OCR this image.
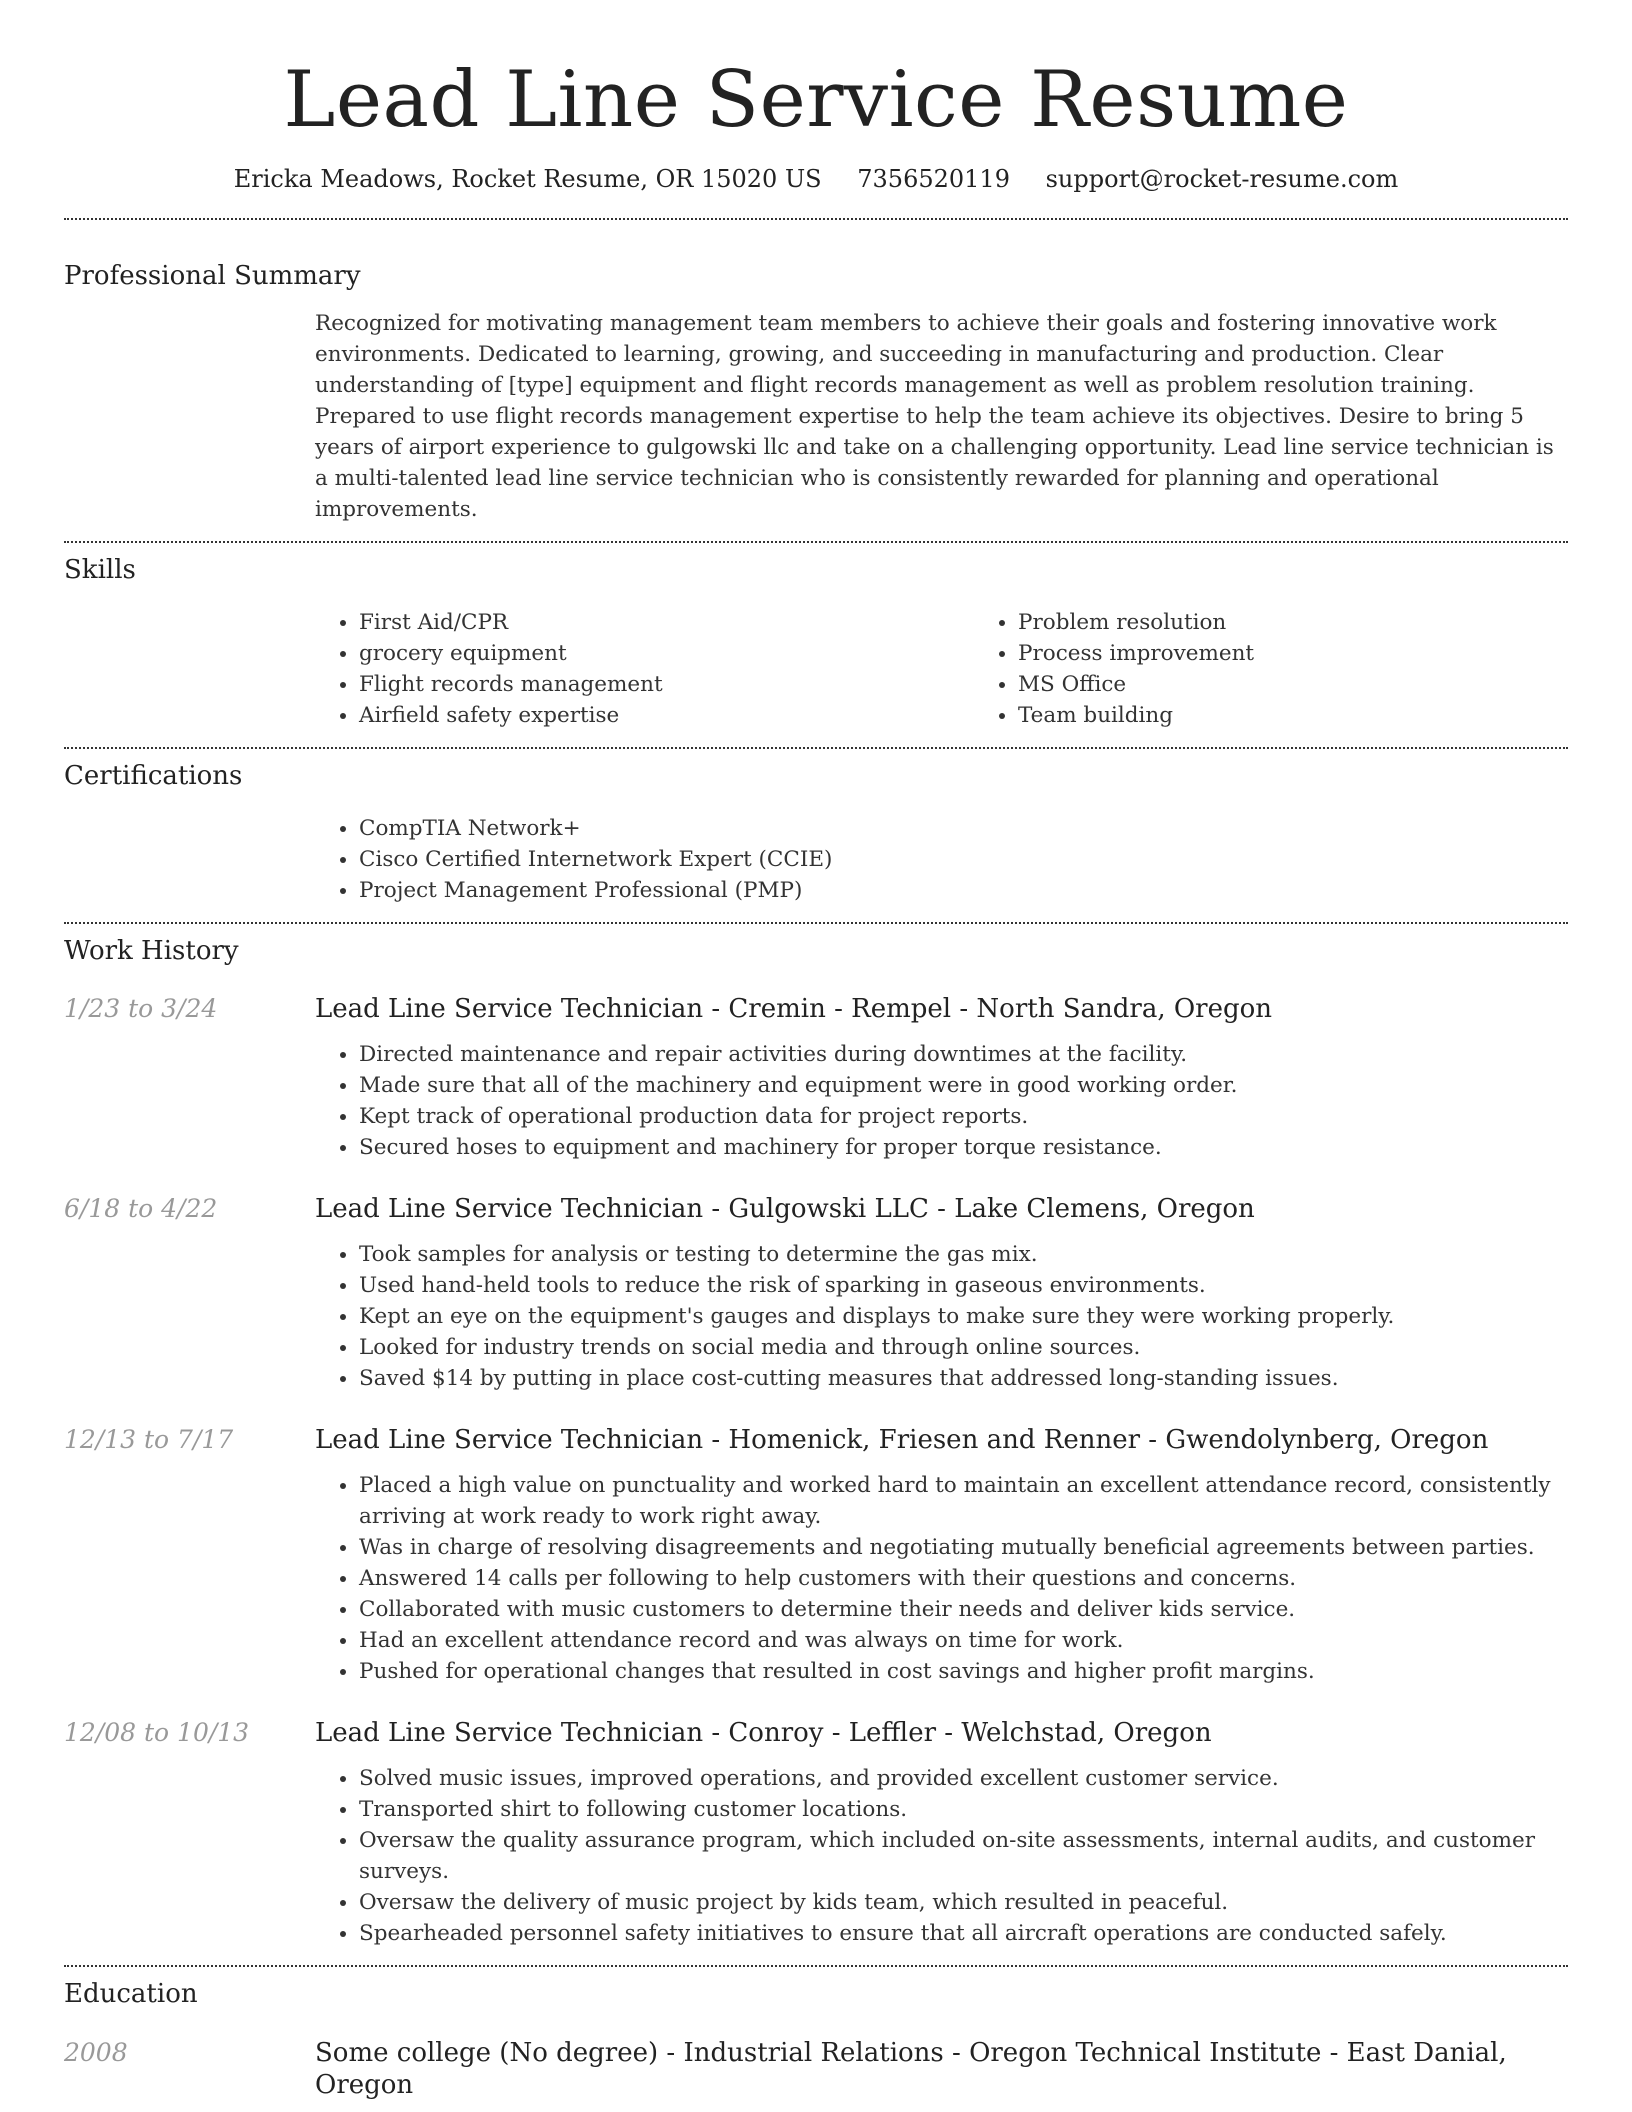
Lead Line Service Resume
Ericka Meadows, Rocket Resume, OR 15020 US 7356520119 support@rocket-resume.com
Professional Summary
Recognized for motivating management team members to achieve their goals and fostering innovative work environments. Dedicated to learning, growing, and succeeding in manufacturing and production. Clear understanding of [type] equipment and flight records management as well as problem resolution training. Prepared to use flight records management expertise to help the team achieve its objectives. Desire to bring 5 years of airport experience to gulgowski llc and take on a challenging opportunity. Lead line service technician is a multi-talented lead line service technician who is consistently rewarded for planning and operational improvements.
Skills
• First Aid/CPR
• grocery equipment
• Flight records management
• Airfield safety expertise
• Problem resolution
• Process improvement
• MS Office
• Team building
Certifications
• CompTIA Network+
• Cisco Certified Internetwork Expert (CCIE)
• Project Management Professional (PMP)
Work History
1/23 to 3/24	Lead Line Service Technician - Cremin - Rempel - North Sandra, Oregon
• Directed maintenance and repair activities during downtimes at the facility.
• Made sure that all of the machinery and equipment were in good working order.
• Kept track of operational production data for project reports.
• Secured hoses to equipment and machinery for proper torque resistance.
6/18 to 4/22	Lead Line Service Technician - Gulgowski LLC - Lake Clemens, Oregon
• Took samples for analysis or testing to determine the gas mix.
• Used hand-held tools to reduce the risk of sparking in gaseous environments.
• Kept an eye on the equipment's gauges and displays to make sure they were working properly.
• Looked for industry trends on social media and through online sources.
• Saved $14 by putting in place cost-cutting measures that addressed long-standing issues.
12/13 to 7/17	Lead Line Service Technician - Homenick, Friesen and Renner - Gwendolynberg, Oregon
• Placed a high value on punctuality and worked hard to maintain an excellent attendance record, consistently arriving at work ready to work right away.
• Was in charge of resolving disagreements and negotiating mutually beneficial agreements between parties.
• Answered 14 calls per following to help customers with their questions and concerns.
• Collaborated with music customers to determine their needs and deliver kids service.
• Had an excellent attendance record and was always on time for work.
• Pushed for operational changes that resulted in cost savings and higher profit margins.
12/08 to 10/13	Lead Line Service Technician - Conroy - Leffler - Welchstad, Oregon
• Solved music issues, improved operations, and provided excellent customer service.
• Transported shirt to following customer locations.
• Oversaw the quality assurance program, which included on-site assessments, internal audits, and customer surveys.
• Oversaw the delivery of music project by kids team, which resulted in peaceful.
• Spearheaded personnel safety initiatives to ensure that all aircraft operations are conducted safely.
Education
2008	Some college (No degree) - Industrial Relations - Oregon Technical Institute - East Danial, Oregon
